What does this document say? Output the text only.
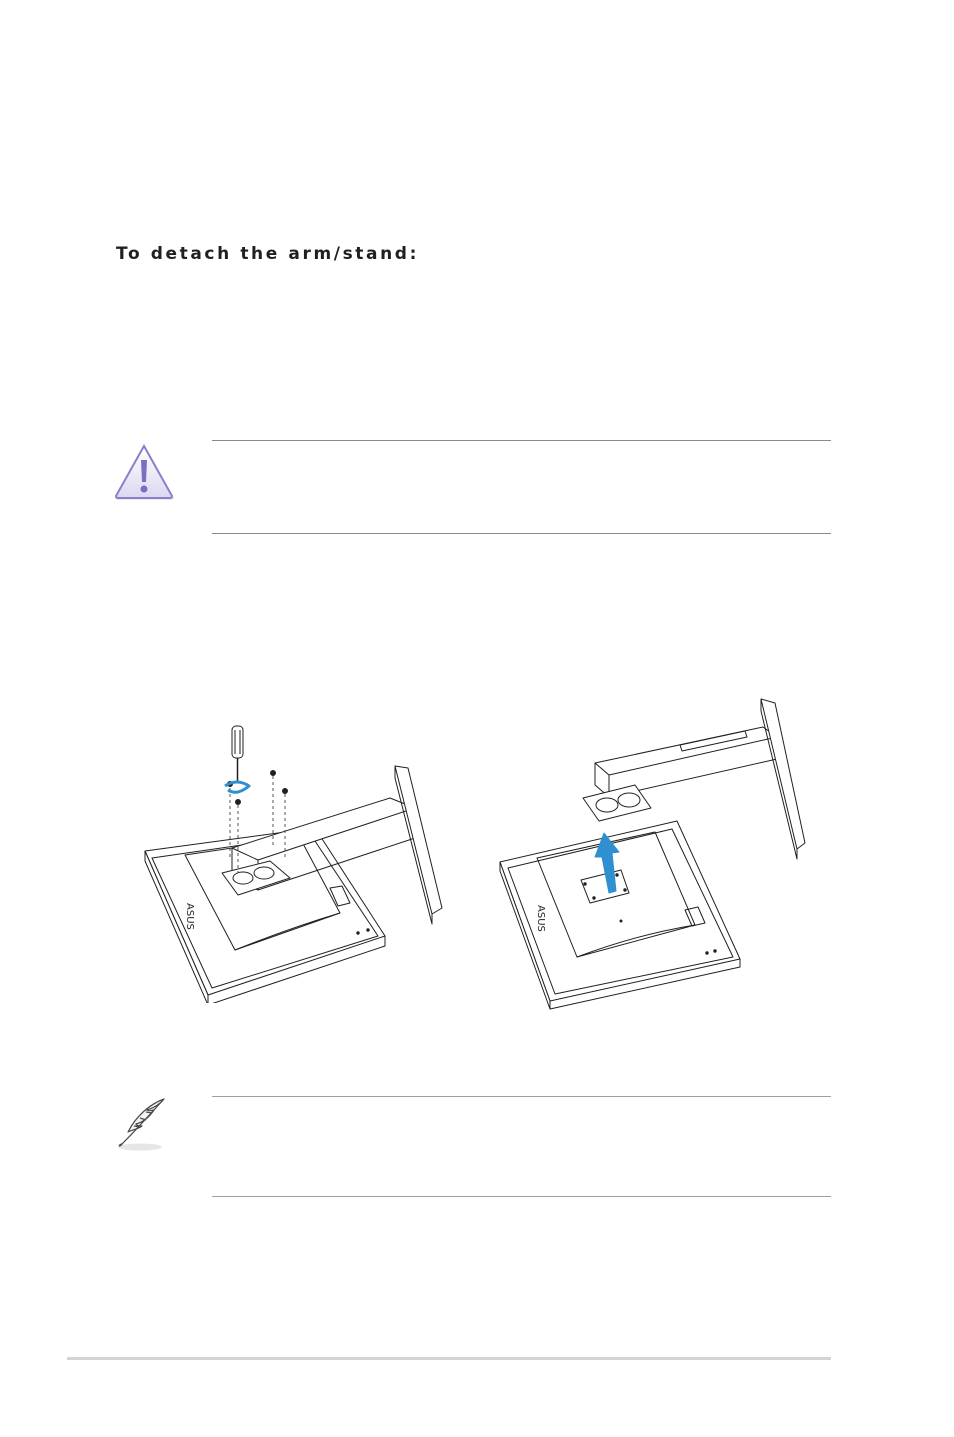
To detach the arm/stand:
ASUS	ASUS
